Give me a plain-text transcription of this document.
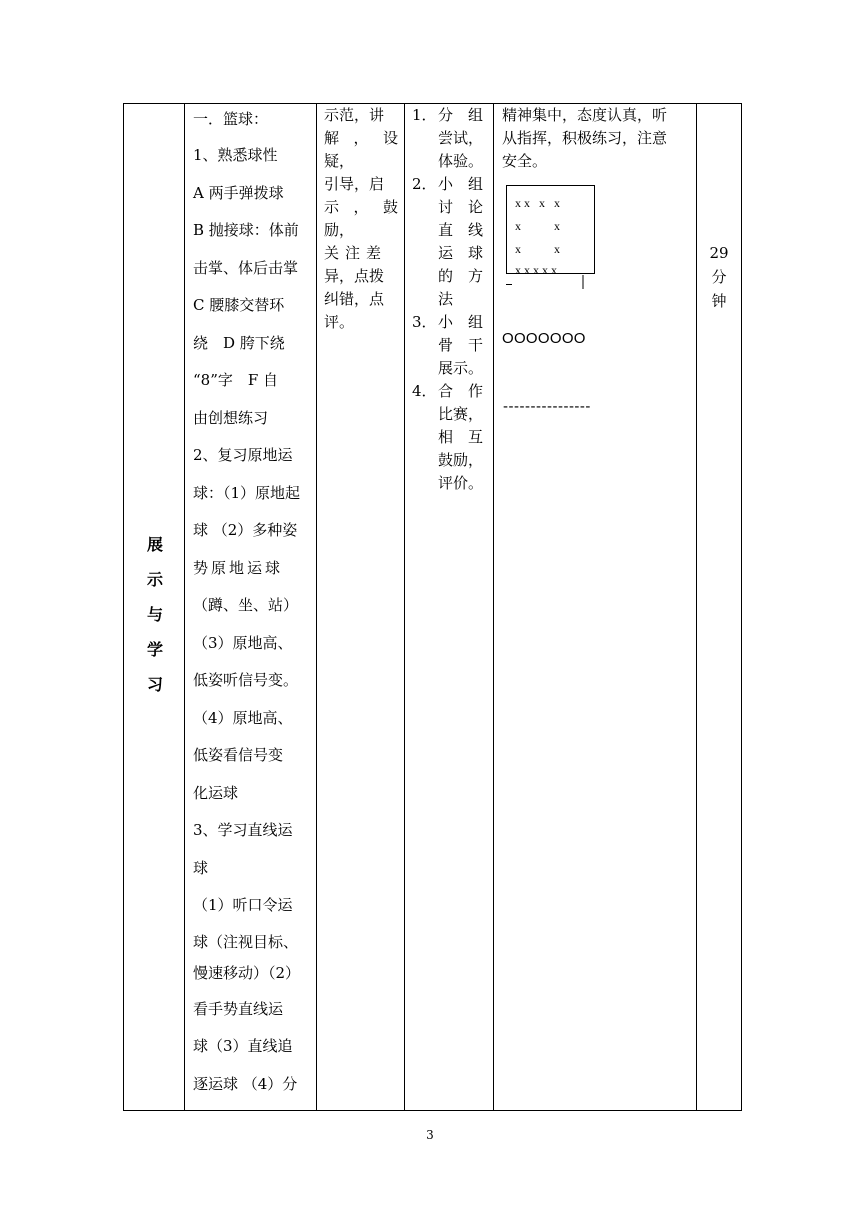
展
示
与
学
习
一．篮球：
1、熟悉球性
A 两手弹拨球
B 抛接球：体前
击掌、体后击掌
C 腰膝交替环
绕　D 胯下绕
“8”字　F 自
由创想练习
2、复习原地运
球：（1）原地起
球 （2）多种姿
势原地运球
（蹲、坐、站）
（3）原地高、
低姿听信号变。
（4）原地高、
低姿看信号变
化运球
3、学习直线运
球
（1）听口令运
球（注视目标、
慢速移动）（2）
看手势直线运
球（3）直线追
逐运球 （4）分
示范，讲
解，设疑，
引导，启
示，鼓励，
关注差
异，点拨
纠错，点
评。
1． 分　组
尝试，
体验。
2． 小　组
讨　论
直　线
运　球
的　方
法
3． 小　组
骨　干
展示。
4． 合　作
比赛，
相　互
鼓励，
评价。
精神集中，态度认真，听
从指挥，积极练习，注意
安全。
x x   x   x
x           x
x           x
x x x x x
OOOOOOO
----------------
29
分
钟
3
